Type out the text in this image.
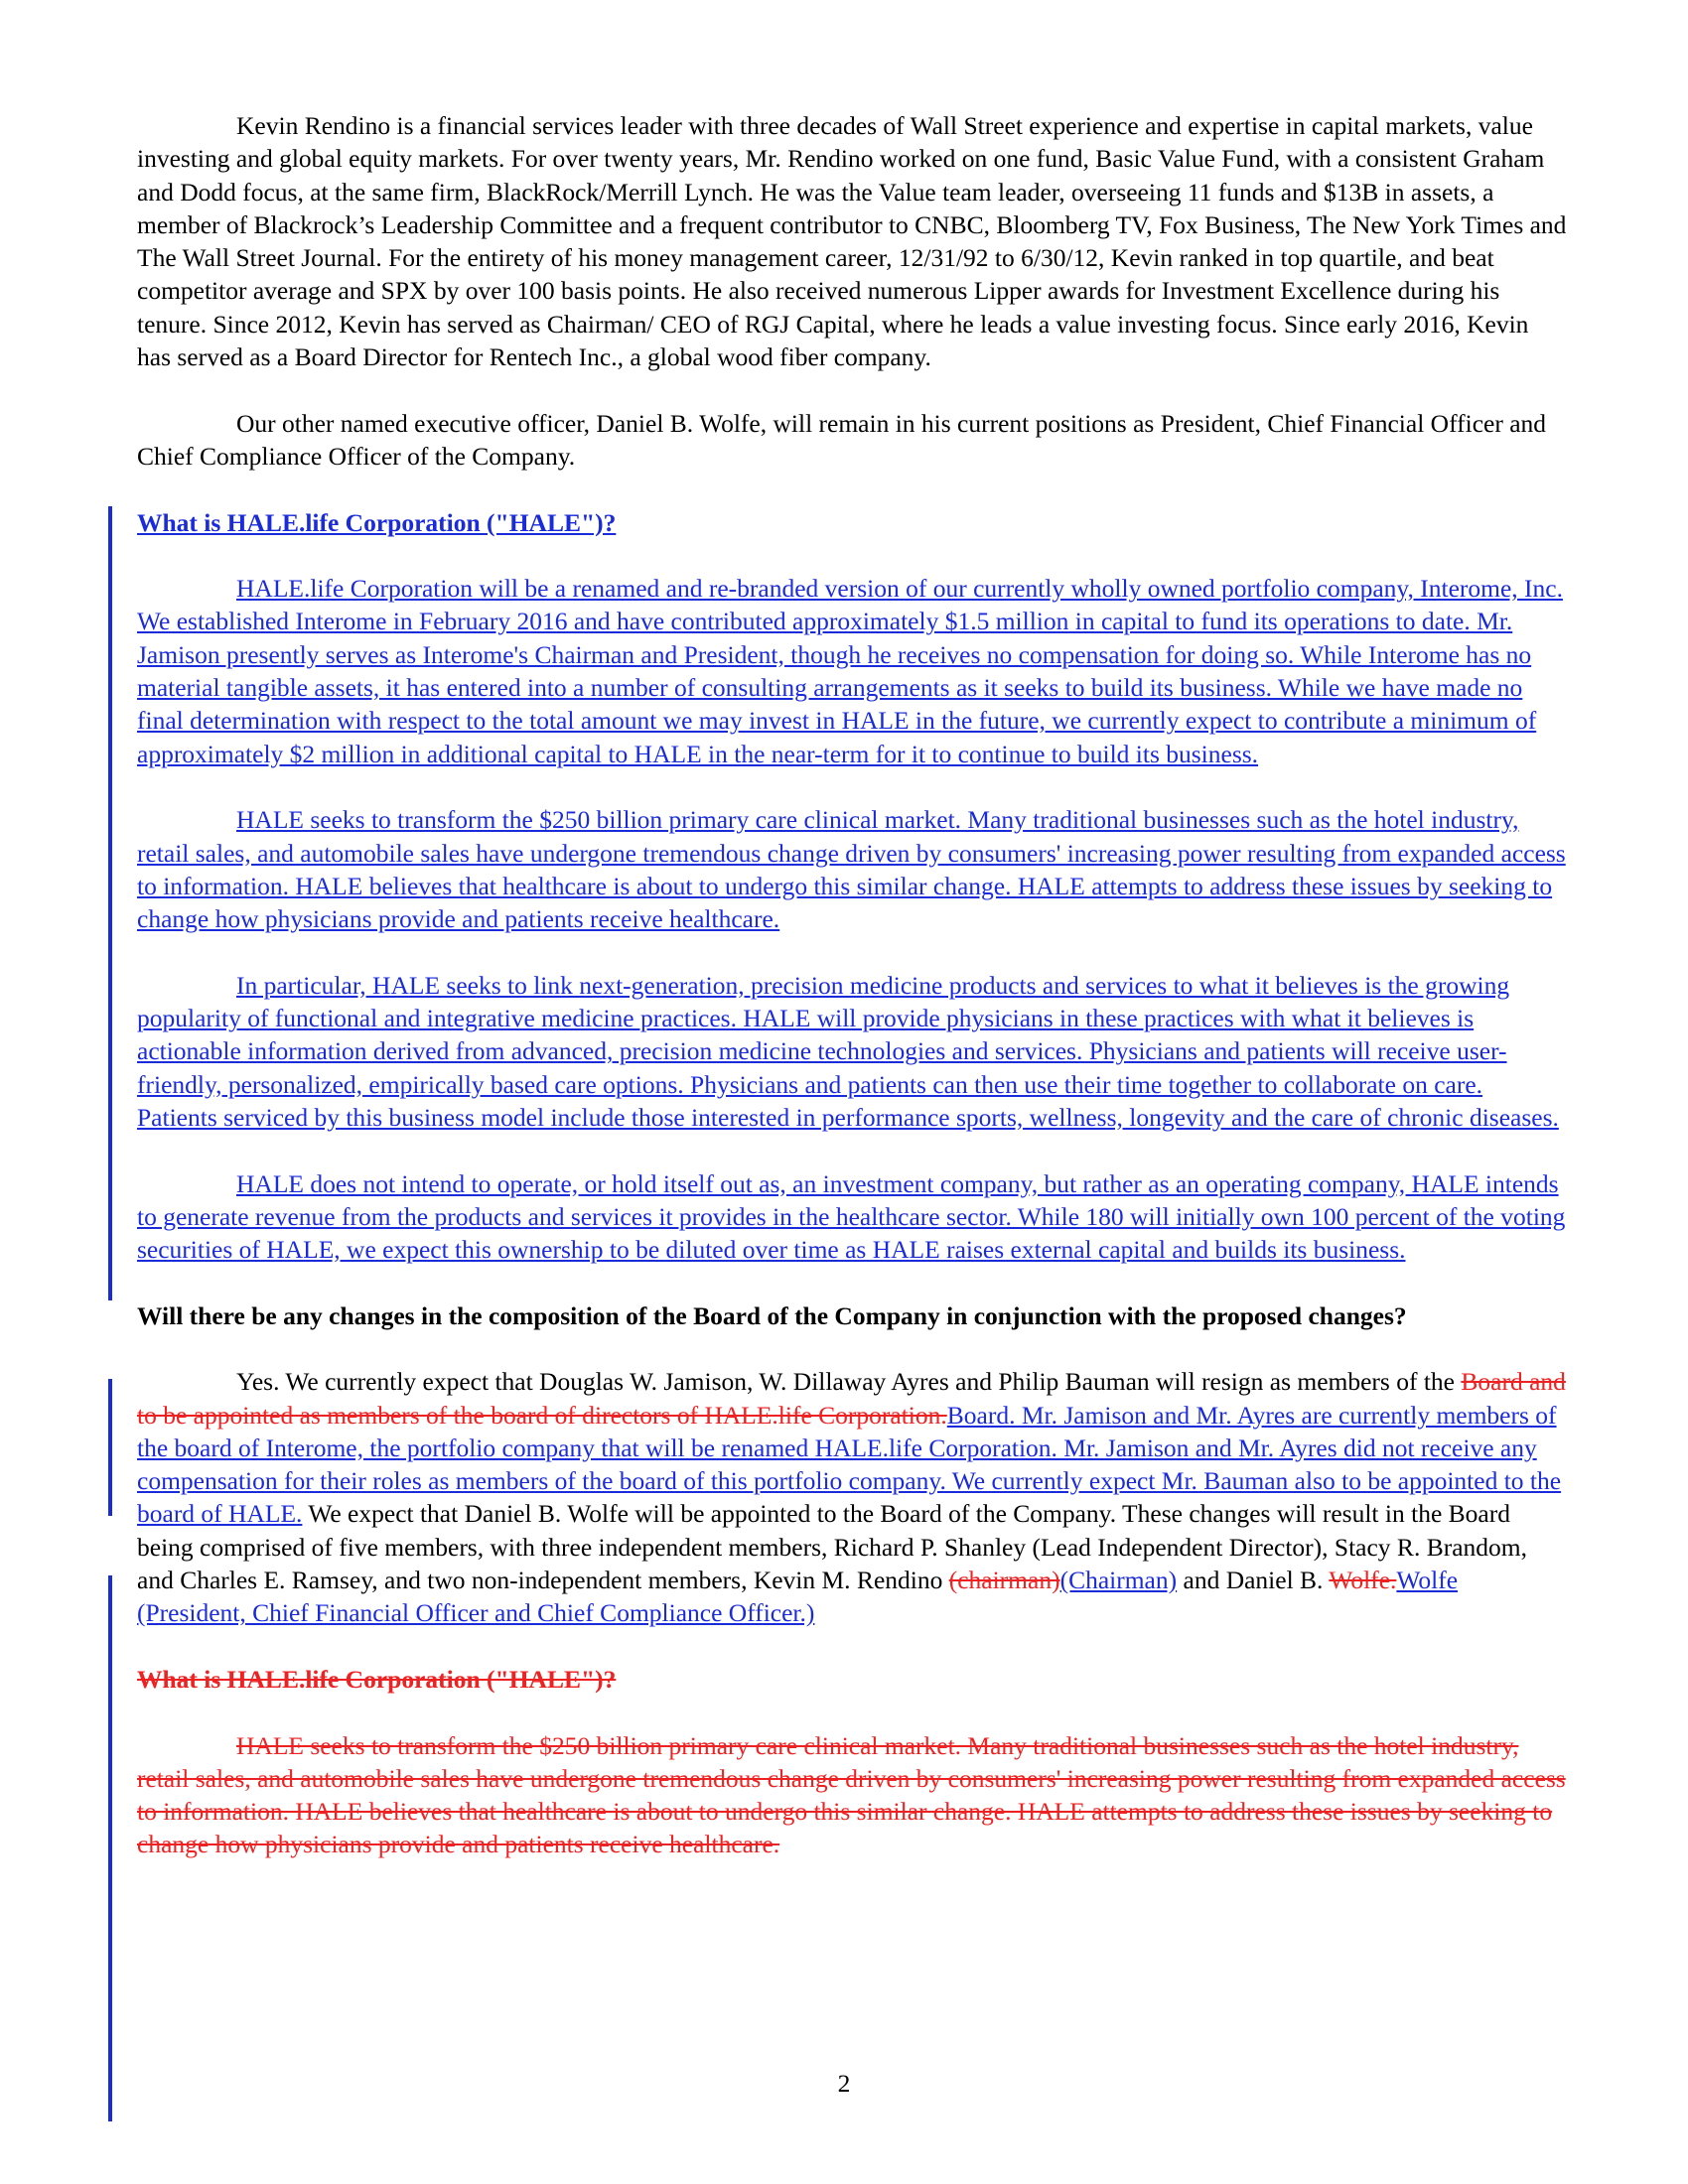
Kevin Rendino is a financial services leader with three decades of Wall Street experience and expertise in capital markets, value investing and global equity markets. For over twenty years, Mr. Rendino worked on one fund, Basic Value Fund, with a consistent Graham and Dodd focus, at the same firm, BlackRock/Merrill Lynch. He was the Value team leader, overseeing 11 funds and $13B in assets, a member of Blackrock’s Leadership Committee and a frequent contributor to CNBC, Bloomberg TV, Fox Business, The New York Times and The Wall Street Journal. For the entirety of his money management career, 12/31/92 to 6/30/12, Kevin ranked in top quartile, and beat competitor average and SPX by over 100 basis points. He also received numerous Lipper awards for Investment Excellence during his tenure. Since 2012, Kevin has served as Chairman/ CEO of RGJ Capital, where he leads a value investing focus. Since early 2016, Kevin has served as a Board Director for Rentech Inc., a global wood fiber company.

Our other named executive officer, Daniel B. Wolfe, will remain in his current positions as President, Chief Financial Officer and Chief Compliance Officer of the Company.

What is HALE.life Corporation ("HALE")?

HALE.life Corporation will be a renamed and re-branded version of our currently wholly owned portfolio company, Interome, Inc. We established Interome in February 2016 and have contributed approximately $1.5 million in capital to fund its operations to date. Mr. Jamison presently serves as Interome's Chairman and President, though he receives no compensation for doing so. While Interome has no material tangible assets, it has entered into a number of consulting arrangements as it seeks to build its business. While we have made no final determination with respect to the total amount we may invest in HALE in the future, we currently expect to contribute a minimum of approximately $2 million in additional capital to HALE in the near-term for it to continue to build its business.

HALE seeks to transform the $250 billion primary care clinical market. Many traditional businesses such as the hotel industry, retail sales, and automobile sales have undergone tremendous change driven by consumers' increasing power resulting from expanded access to information. HALE believes that healthcare is about to undergo this similar change. HALE attempts to address these issues by seeking to change how physicians provide and patients receive healthcare.

In particular, HALE seeks to link next-generation, precision medicine products and services to what it believes is the growing popularity of functional and integrative medicine practices. HALE will provide physicians in these practices with what it believes is actionable information derived from advanced, precision medicine technologies and services. Physicians and patients will receive user-friendly, personalized, empirically based care options. Physicians and patients can then use their time together to collaborate on care. Patients serviced by this business model include those interested in performance sports, wellness, longevity and the care of chronic diseases.

HALE does not intend to operate, or hold itself out as, an investment company, but rather as an operating company, HALE intends to generate revenue from the products and services it provides in the healthcare sector. While 180 will initially own 100 percent of the voting securities of HALE, we expect this ownership to be diluted over time as HALE raises external capital and builds its business.

Will there be any changes in the composition of the Board of the Company in conjunction with the proposed changes?

Yes. We currently expect that Douglas W. Jamison, W. Dillaway Ayres and Philip Bauman will resign as members of the Board and to be appointed as members of the board of directors of HALE.life Corporation.Board. Mr. Jamison and Mr. Ayres are currently members of the board of Interome, the portfolio company that will be renamed HALE.life Corporation. Mr. Jamison and Mr. Ayres did not receive any compensation for their roles as members of the board of this portfolio company. We currently expect Mr. Bauman also to be appointed to the board of HALE. We expect that Daniel B. Wolfe will be appointed to the Board of the Company. These changes will result in the Board being comprised of five members, with three independent members, Richard P. Shanley (Lead Independent Director), Stacy R. Brandom, and Charles E. Ramsey, and two non-independent members, Kevin M. Rendino (chairman)(Chairman) and Daniel B. Wolfe.Wolfe (President, Chief Financial Officer and Chief Compliance Officer.)

What is HALE.life Corporation ("HALE")?

HALE seeks to transform the $250 billion primary care clinical market. Many traditional businesses such as the hotel industry, retail sales, and automobile sales have undergone tremendous change driven by consumers' increasing power resulting from expanded access to information. HALE believes that healthcare is about to undergo this similar change. HALE attempts to address these issues by seeking to change how physicians provide and patients receive healthcare.

2
